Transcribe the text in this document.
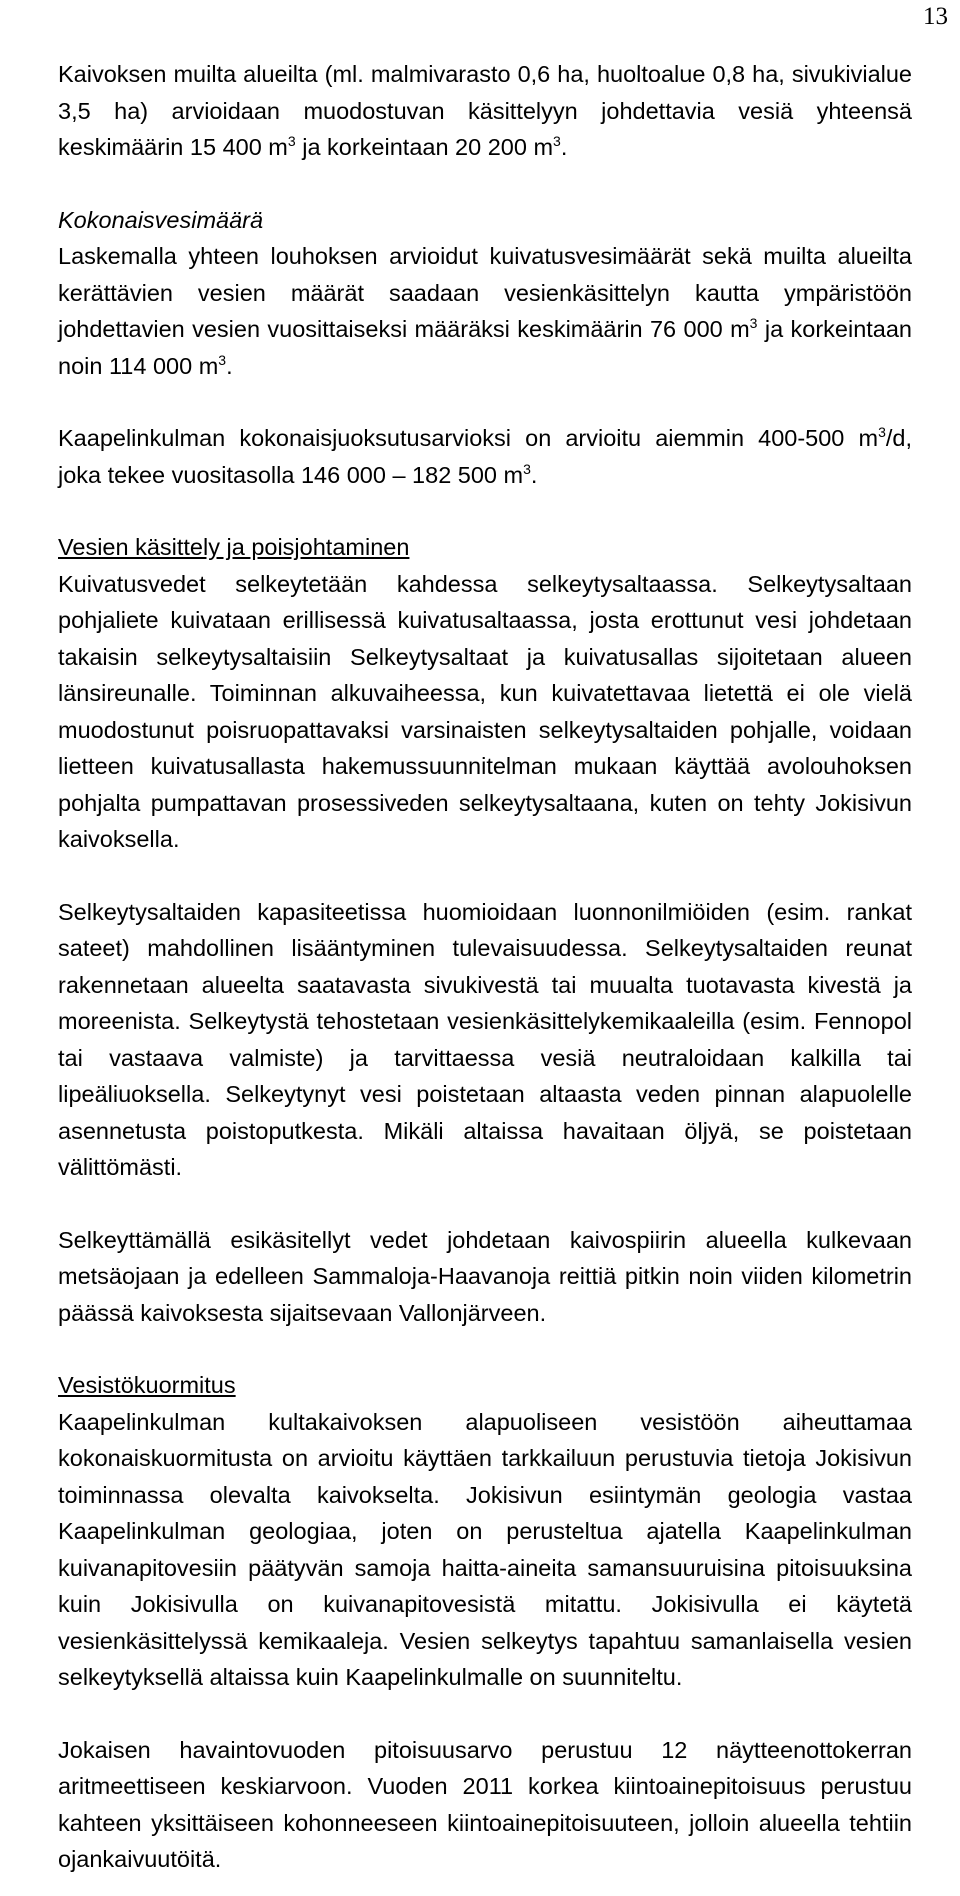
13

Kaivoksen muilta alueilta (ml. malmivarasto 0,6 ha, huoltoalue 0,8 ha, sivukivialue 3,5 ha) arvioidaan muodostuvan käsittelyyn johdettavia vesiä yhteensä keskimäärin 15 400 $m^3$ ja korkeintaan 20 200 $m^3$.

Kokonaisvesimäärä

Laskemalla yhteen louhoksen arvioidut kuivatusvesimäärät sekä muilta alueilta kerättävien vesien määrät saadaan vesienkäsittelyn kautta ympäristöön johdettavien vesien vuosittaiseksi määräksi keskimäärin 76 000 $m^3$ ja korkeintaan noin 114 000 $m^3$.

Kaapelinkulman kokonaisjuoksutusarvioksi on arvioitu aiemmin 400-500 $m^3/d$, joka tekee vuositasolla 146 000 – 182 500 $m^3$.

Vesien käsittely ja poisjohtaminen

Kuivatusvedet selkeytetään kahdessa selkeytysaltaassa. Selkeytysaltaan pohjaliete kuivataan erillisessä kuivatusaltaassa, josta erottunut vesi johdetaan takaisin selkeytysaltaisiin Selkeytysaltaat ja kuivatusallas sijoitetaan alueen länsireunalle. Toiminnan alkuvaiheessa, kun kuivatettavaa lietettä ei ole vielä muodostunut poisruopattavaksi varsinaisten selkeytysaltaiden pohjalle, voidaan lietteen kuivatusallasta hakemussuunnitelman mukaan käyttää avolouhoksen pohjalta pumpattavan prosessiveden selkeytysaltaana, kuten on tehty Jokisivun kaivoksella.

Selkeytysaltaiden kapasiteetissa huomioidaan luonnonilmiöiden (esim. rankat sateet) mahdollinen lisääntyminen tulevaisuudessa. Selkeytysaltaiden reunat rakennetaan alueelta saatavasta sivukivestä tai muualta tuotavasta kivestä ja moreenista. Selkeytystä tehostetaan vesienkäsittelykemikaaleilla (esim. Fennopol tai vastaava valmiste) ja tarvittaessa vesiä neutraloidaan kalkilla tai lipeäliuoksella. Selkeytynyt vesi poistetaan altaasta veden pinnan alapuolelle asennetusta poistoputkesta. Mikäli altaissa havaitaan öljyä, se poistetaan välittömästi.

Selkeyttämällä esikäsitellyt vedet johdetaan kaivospiirin alueella kulkevaan metsäojaan ja edelleen Sammaloja-Haavanoja reittiä pitkin noin viiden kilometrin päässä kaivoksesta sijaitsevaan Vallonjärveen.

Vesistökuormitus

Kaapelinkulman kultakaivoksen alapuoliseen vesistöön aiheuttamaa kokonaiskuormitusta on arvioitu käyttäen tarkkailuun perustuvia tietoja Jokisivun toiminnassa olevalta kaivokselta. Jokisivun esiintymän geologia vastaa Kaapelinkulman geologiaa, joten on perusteltua ajatella Kaapelinkulman kuivanapitovesiin päätyvän samoja haitta-aineita samansuuruisina pitoisuuksina kuin Jokisivulla on kuivanapitovesistä mitattu. Jokisivulla ei käytetä vesienkäsittelyssä kemikaaleja. Vesien selkeytys tapahtuu samanlaisella vesien selkeytyksellä altaissa kuin Kaapelinkulmalle on suunniteltu.

Jokaisen havaintovuoden pitoisuusarvo perustuu 12 näytteenottokerran aritmeettiseen keskiarvoon. Vuoden 2011 korkea kiintoainepitoisuus perustuu kahteen yksittäiseen kohonneeseen kiintoainepitoisuuteen, jolloin alueella tehtiin ojankaivuutöitä.
